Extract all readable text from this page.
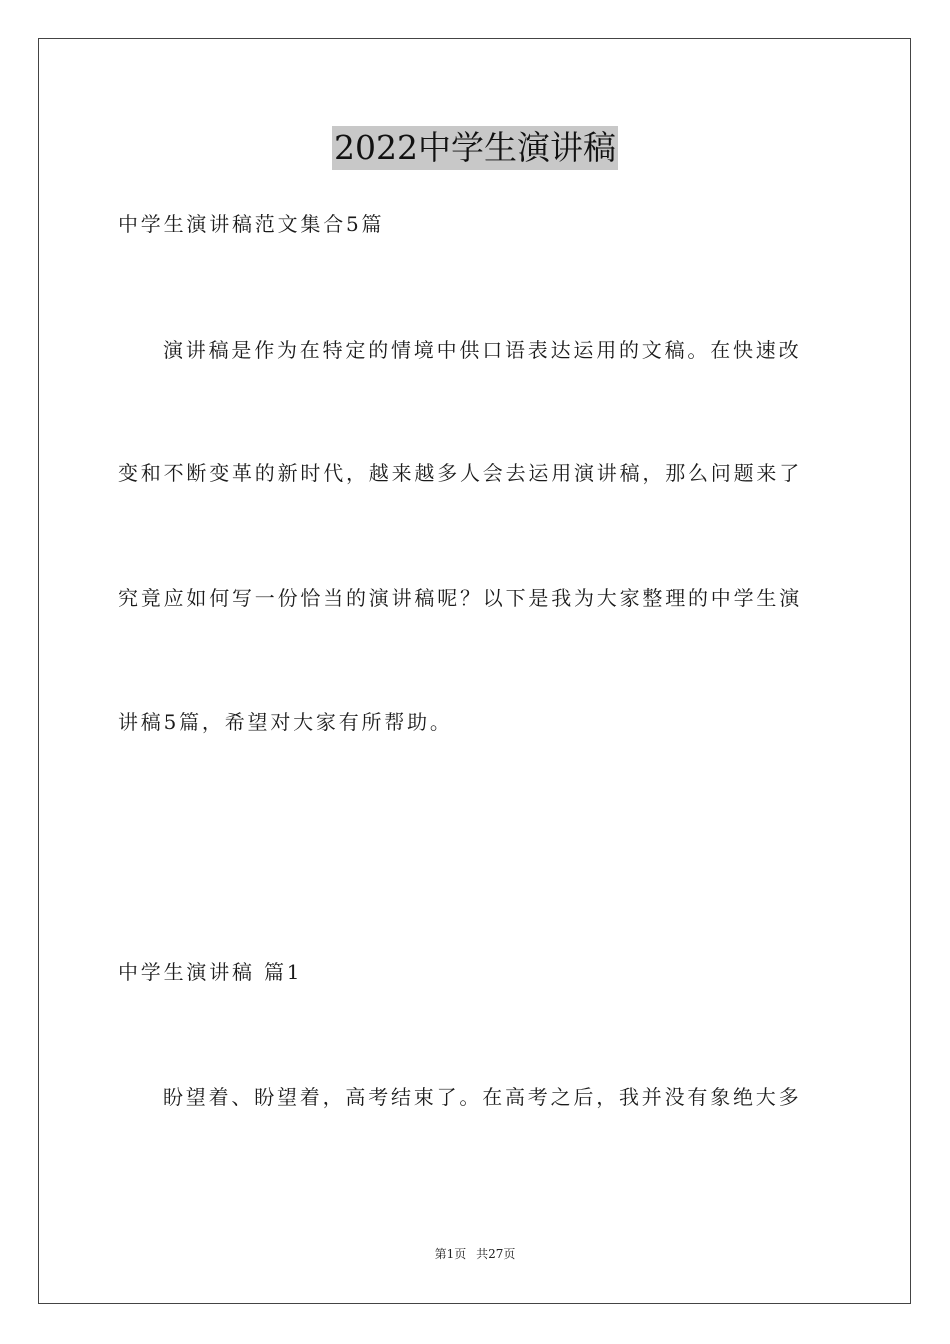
2022中学生演讲稿
中学生演讲稿范文集合5篇
演讲稿是作为在特定的情境中供口语表达运用的文稿。在快速改
变和不断变革的新时代，越来越多人会去运用演讲稿，那么问题来了
究竟应如何写一份恰当的演讲稿呢？以下是我为大家整理的中学生演
讲稿5篇，希望对大家有所帮助。
中学生演讲稿 篇1
盼望着、盼望着，高考结束了。在高考之后，我并没有象绝大多
第1页 共27页
